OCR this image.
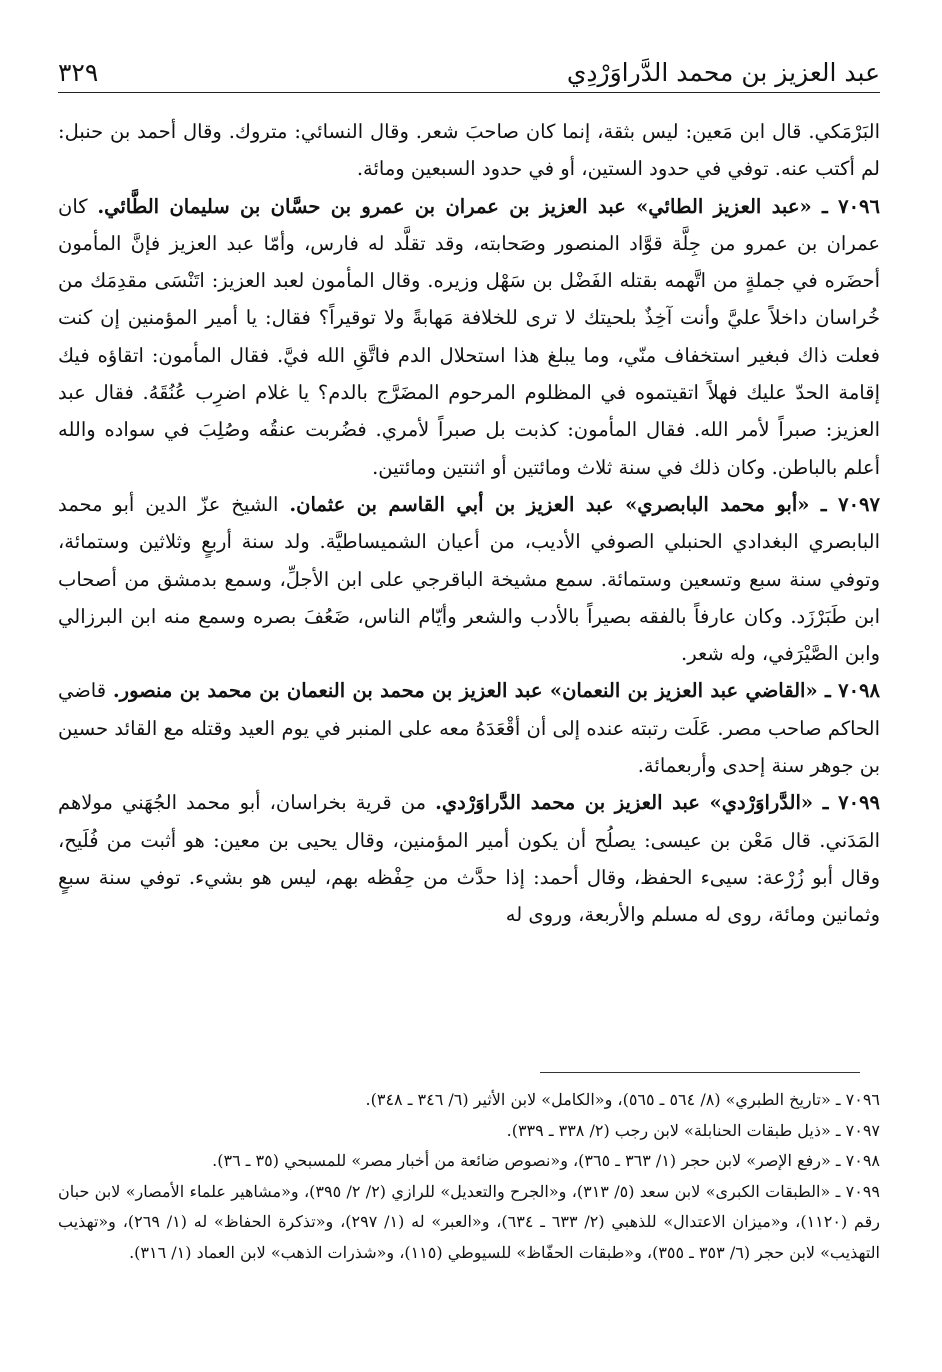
عبد العزيز بن محمد الدَّراوَرْدِي
٣٢٩

البَرْمَكي. قال ابن مَعين: ليس بثقة، إنما كان صاحبَ شعر. وقال النسائي: متروك. وقال أحمد بن حنبل: لم أكتب عنه. توفي في حدود الستين، أو في حدود السبعين ومائة.

٧٠٩٦ ـ «عبد العزيز الطائي» عبد العزيز بن عمران بن عمرو بن حسَّان بن سليمان الطَّائي. كان عمران بن عمرو من جِلَّة قوَّاد المنصور وصَحابته، وقد تقلَّد له فارس، وأمّا عبد العزيز فإنَّ المأمون أحضَره في جملةٍ من اتَّهمه بقتله الفَضْل بن سَهْل وزيره. وقال المأمون لعبد العزيز: اتَنْسَى مقدِمَك من خُراسان داخلاً عليَّ وأنت آخِذٌ بلحيتك لا ترى للخلافة مَهابةً ولا توقيراً؟ فقال: يا أمير المؤمنين إن كنت فعلت ذاك فبغير استخفاف منّي، وما يبلغ هذا استحلال الدم فاتَّقِ الله فيَّ. فقال المأمون: اتقاؤه فيك إقامة الحدّ عليك فهلاً اتقيتموه في المظلوم المرحوم المضَرَّج بالدم؟ يا غلام اضرِب عُنُقَهُ. فقال عبد العزيز: صبراً لأمر الله. فقال المأمون: كذبت بل صبراً لأمري. فضُربت عنقُه وصُلِبَ في سواده والله أعلم بالباطن. وكان ذلك في سنة ثلاث ومائتين أو اثنتين ومائتين.

٧٠٩٧ ـ «أبو محمد البابصري» عبد العزيز بن أبي القاسم بن عثمان. الشيخ عزّ الدين أبو محمد البابصري البغدادي الحنبلي الصوفي الأديب، من أعيان الشميساطيَّة. ولد سنة أربعٍ وثلاثين وستمائة، وتوفي سنة سبع وتسعين وستمائة. سمع مشيخة الباقرجي على ابن الأجلِّ، وسمع بدمشق من أصحاب ابن طَبَرْزَد. وكان عارفاً بالفقه بصيراً بالأدب والشعر وأيّام الناس، ضَعُفَ بصره وسمع منه ابن البرزالي وابن الصَّيْرَفي، وله شعر.

٧٠٩٨ ـ «القاضي عبد العزيز بن النعمان» عبد العزيز بن محمد بن النعمان بن محمد بن منصور. قاضي الحاكم صاحب مصر. عَلَت رتبته عنده إلى أن أقْعَدَهُ معه على المنبر في يوم العيد وقتله مع القائد حسين بن جوهر سنة إحدى وأربعمائة.

٧٠٩٩ ـ «الدَّراوَرْدي» عبد العزيز بن محمد الدَّراوَرْدي. من قرية بخراسان، أبو محمد الجُهَني مولاهم المَدَني. قال مَعْن بن عيسى: يصلُح أن يكون أمير المؤمنين، وقال يحيى بن معين: هو أثبت من فُلَيح، وقال أبو زُرْعة: سيىء الحفظ، وقال أحمد: إذا حدَّث من حِفْظه بهم، ليس هو بشيء. توفي سنة سبعٍ وثمانين ومائة، روى له مسلم والأربعة، وروى له

٧٠٩٦ ـ «تاريخ الطبري» (٨/ ٥٦٤ ـ ٥٦٥)، و«الكامل» لابن الأثير (٦/ ٣٤٦ ـ ٣٤٨).

٧٠٩٧ ـ «ذيل طبقات الحنابلة» لابن رجب (٢/ ٣٣٨ ـ ٣٣٩).

٧٠٩٨ ـ «رفع الإصر» لابن حجر (١/ ٣٦٣ ـ ٣٦٥)، و«نصوص ضائعة من أخبار مصر» للمسبحي (٣٥ ـ ٣٦).

٧٠٩٩ ـ «الطبقات الكبرى» لابن سعد (٥/ ٣١٣)، و«الجرح والتعديل» للرازي (٢/ ٢/ ٣٩٥)، و«مشاهير علماء الأمصار» لابن حبان رقم (١١٢٠)، و«ميزان الاعتدال» للذهبي (٢/ ٦٣٣ ـ ٦٣٤)، و«العبر» له (١/ ٢٩٧)، و«تذكرة الحفاظ» له (١/ ٢٦٩)، و«تهذيب التهذيب» لابن حجر (٦/ ٣٥٣ ـ ٣٥٥)، و«طبقات الحفّاظ» للسيوطي (١١٥)، و«شذرات الذهب» لابن العماد (١/ ٣١٦).
